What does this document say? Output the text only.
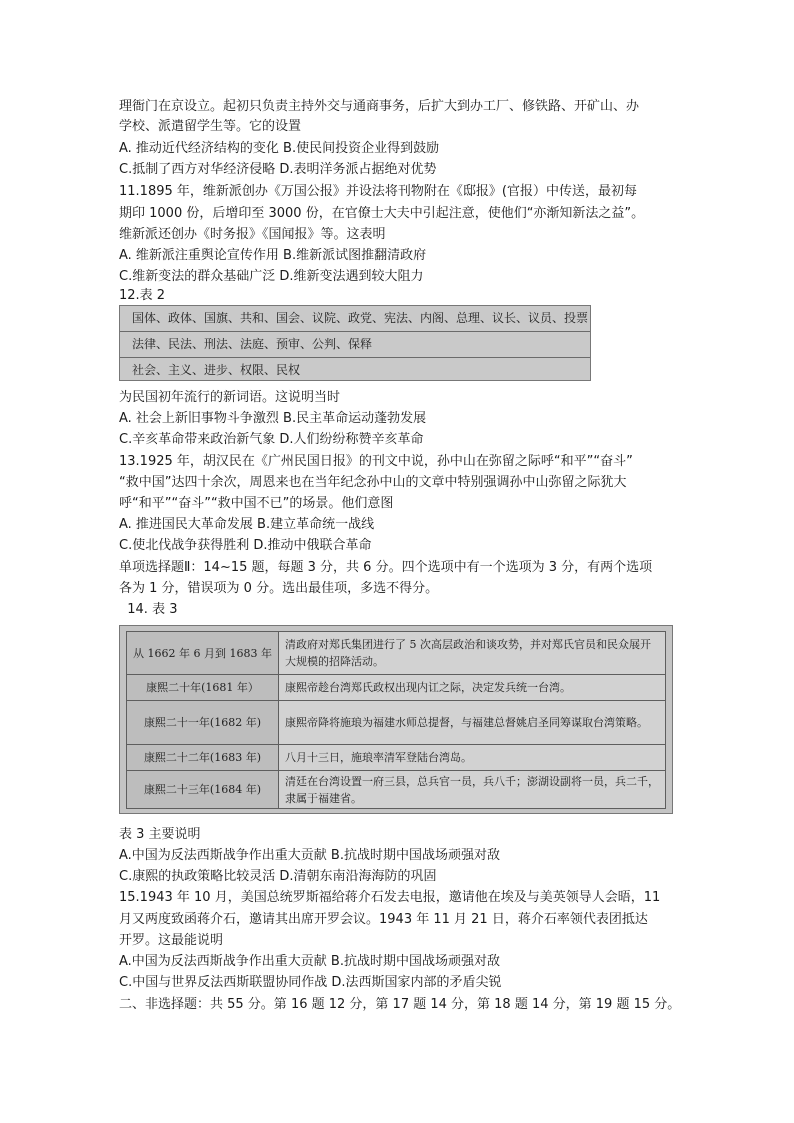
理衙门在京设立。起初只负责主持外交与通商事务，后扩大到办工厂、修铁路、开矿山、办
学校、派遣留学生等。它的设置
A. 推动近代经济结构的变化 B.使民间投资企业得到鼓励
C.抵制了西方对华经济侵略 D.表明洋务派占据绝对优势
11.1895 年，维新派创办《万国公报》并设法将刊物附在《邸报》(官报）中传送，最初每
期印 1000 份，后增印至 3000 份，在官僚士大夫中引起注意，使他们“亦渐知新法之益”。
维新派还创办《时务报》《国闻报》等。这表明
A. 维新派注重舆论宣传作用 B.维新派试图推翻清政府
C.维新变法的群众基础广泛 D.维新变法遇到较大阻力
12.表 2
国体、政体、国旗、共和、国会、议院、政党、宪法、内阁、总理、议长、议员、投票
法律、民法、刑法、法庭、预审、公判、保释
社会、主义、进步、权限、民权
为民国初年流行的新词语。这说明当时
A. 社会上新旧事物斗争激烈 B.民主革命运动蓬勃发展
C.辛亥革命带来政治新气象 D.人们纷纷称赞辛亥革命
13.1925 年，胡汉民在《广州民国日报》的刊文中说，孙中山在弥留之际呼“和平”“奋斗”
“救中国”达四十余次，周恩来也在当年纪念孙中山的文章中特别强调孙中山弥留之际犹大
呼“和平”“奋斗”“救中国不已”的场景。他们意图
A. 推进国民大革命发展 B.建立革命统一战线
C.使北伐战争获得胜利 D.推动中俄联合革命
单项选择题Ⅱ：14~15 题，每题 3 分，共 6 分。四个选项中有一个选项为 3 分，有两个选项
各为 1 分，错误项为 0 分。选出最佳项，多选不得分。
14. 表 3
从 1662 年 6 月到 1683 年	清政府对郑氏集团进行了 5 次高层政治和谈攻势，并对郑氏官员和民众展开大规模的招降活动。
康熙二十年(1681 年）	康熙帝趁台湾郑氏政权出现内讧之际，决定发兵统一台湾。
康熙二十一年(1682 年)	康熙帝降将施琅为福建水师总提督，与福建总督姚启圣同筹谋取台湾策略。
康熙二十二年(1683 年)	八月十三日，施琅率清军登陆台湾岛。
康熙二十三年(1684 年)	清廷在台湾设置一府三县，总兵官一员，兵八千；澎湖设副将一员，兵二千，隶属于福建省。
表 3 主要说明
A.中国为反法西斯战争作出重大贡献 B.抗战时期中国战场顽强对敌
C.康熙的执政策略比较灵活 D.清朝东南沿海海防的巩固
15.1943 年 10 月，美国总统罗斯福给蒋介石发去电报，邀请他在埃及与美英领导人会晤，11
月又两度致函蒋介石，邀请其出席开罗会议。1943 年 11 月 21 日，蒋介石率领代表团抵达
开罗。这最能说明
A.中国为反法西斯战争作出重大贡献 B.抗战时期中国战场顽强对敌
C.中国与世界反法西斯联盟协同作战 D.法西斯国家内部的矛盾尖锐
二、非选择题：共 55 分。第 16 题 12 分，第 17 题 14 分，第 18 题 14 分，第 19 题 15 分。
